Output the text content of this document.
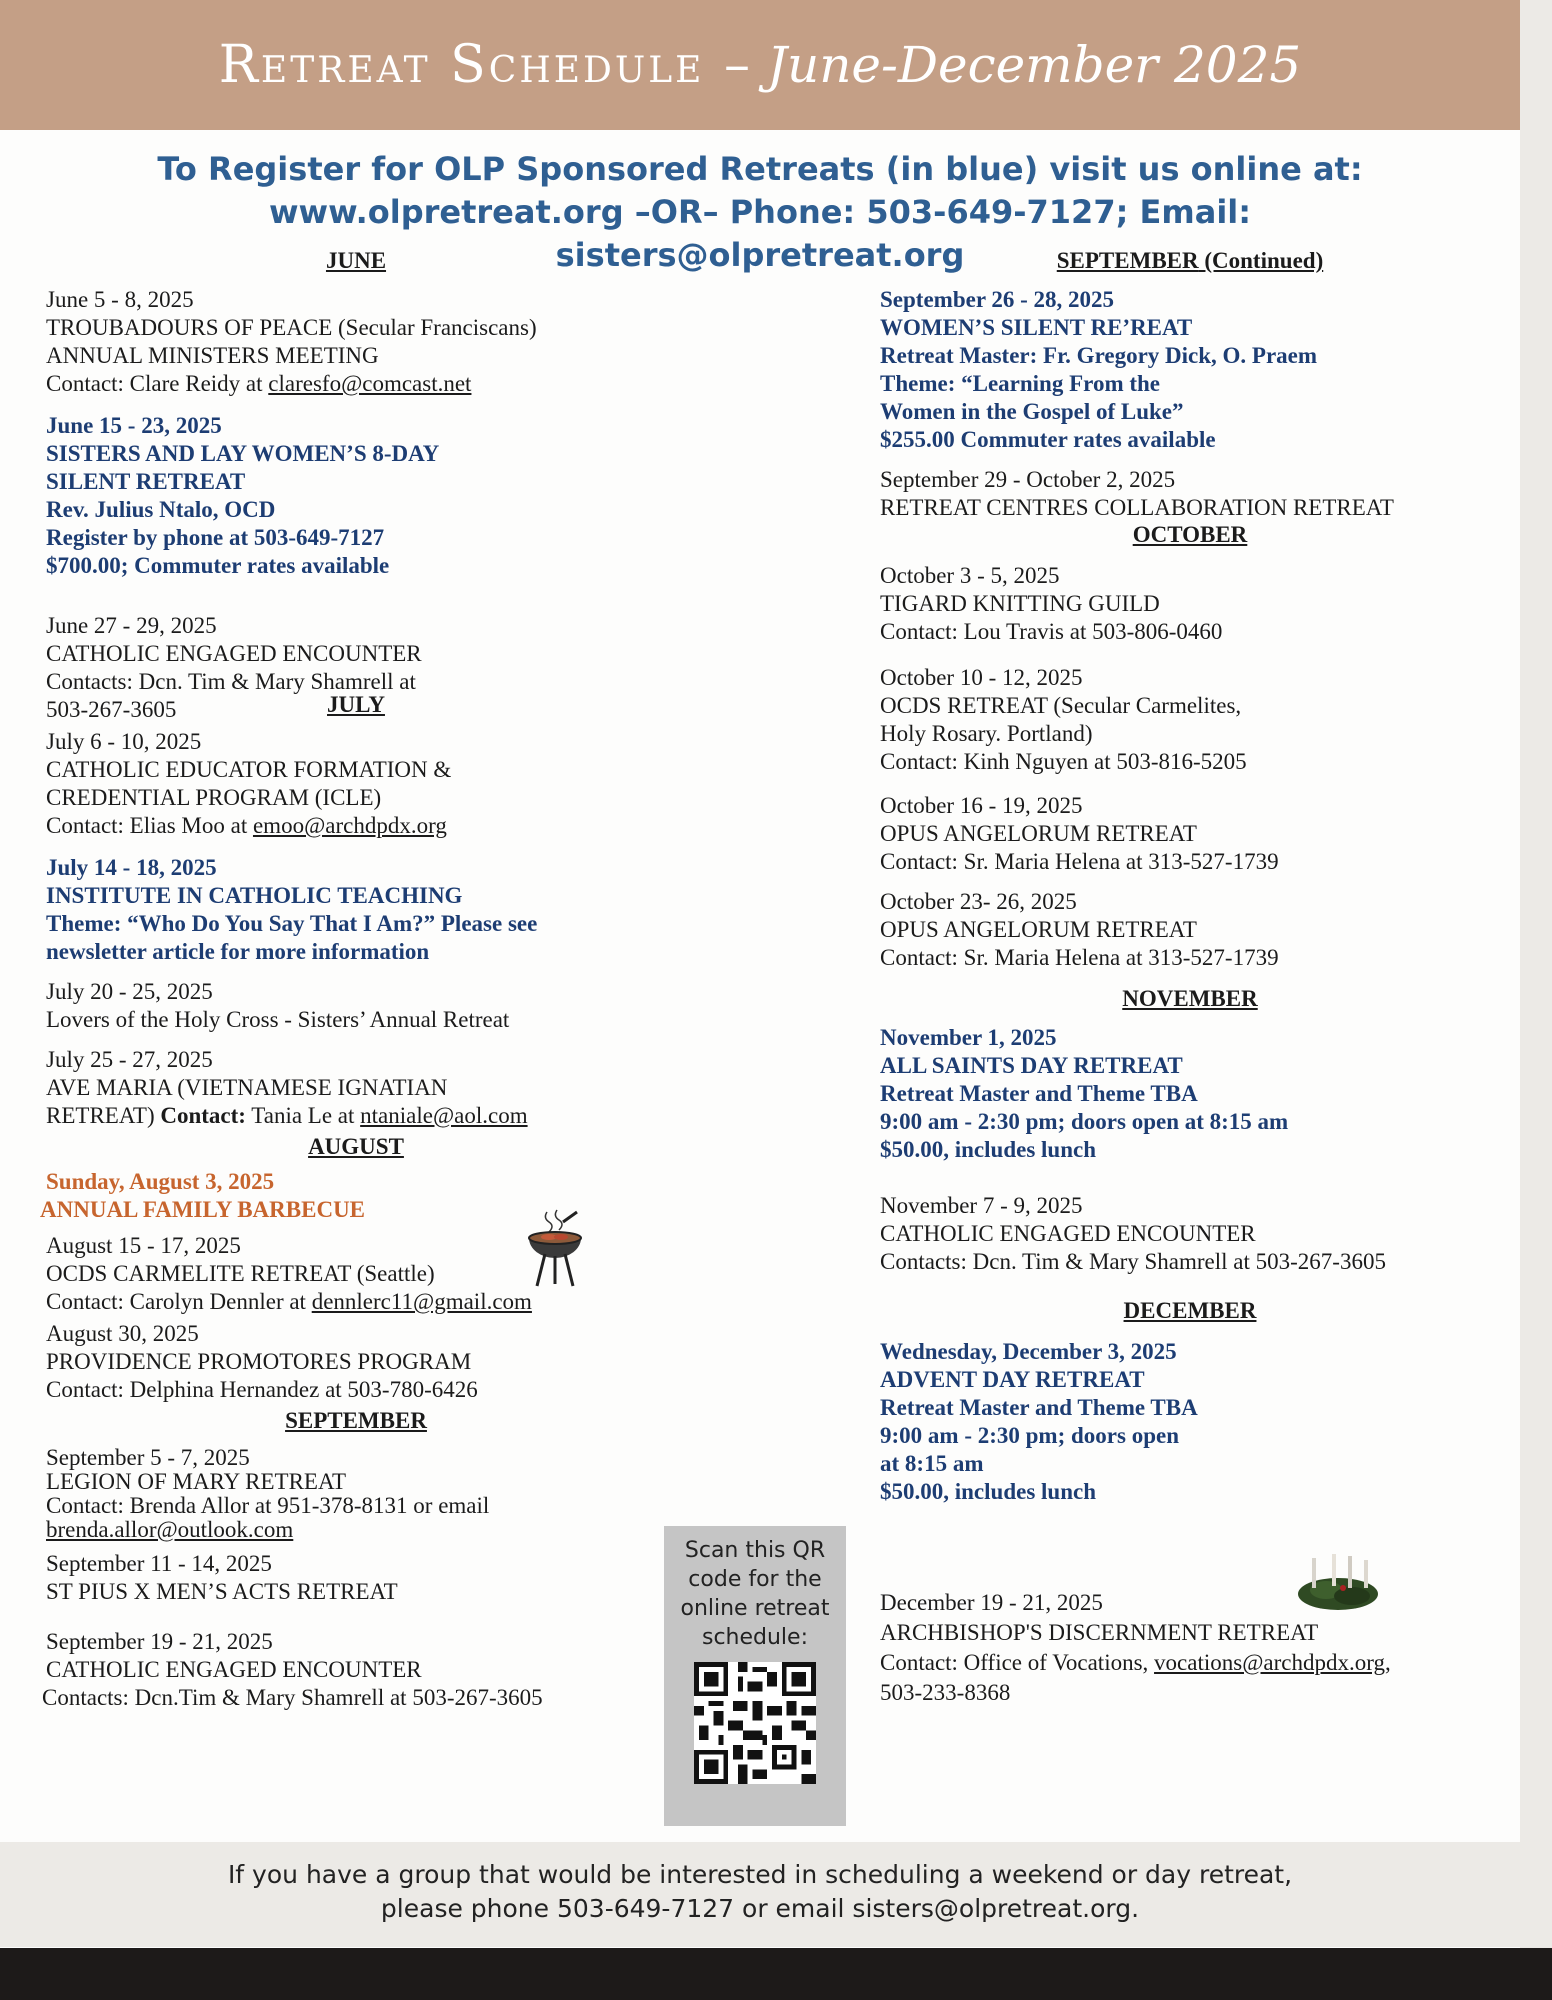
Retreat Schedule – June-December 2025
To Register for OLP Sponsored Retreats (in blue) visit us online at:
www.olpretreat.org –OR– Phone: 503-649-7127; Email: sisters@olpretreat.org
JUNE
June 5 - 8, 2025
TROUBADOURS OF PEACE (Secular Franciscans)
ANNUAL MINISTERS MEETING
Contact: Clare Reidy at claresfo@comcast.net
June 15 - 23, 2025
SISTERS AND LAY WOMEN’S 8-DAY
SILENT RETREAT
Rev. Julius Ntalo, OCD
Register by phone at 503-649-7127
$700.00; Commuter rates available
June 27 - 29, 2025
CATHOLIC ENGAGED ENCOUNTER
Contacts: Dcn. Tim & Mary Shamrell at
503-267-3605	JULY
July 6 - 10, 2025
CATHOLIC EDUCATOR FORMATION &
CREDENTIAL PROGRAM (ICLE)
Contact: Elias Moo at emoo@archdpdx.org
July 14 - 18, 2025
INSTITUTE IN CATHOLIC TEACHING
Theme: “Who Do You Say That I Am?” Please see
newsletter article for more information
July 20 - 25, 2025
Lovers of the Holy Cross - Sisters’ Annual Retreat
July 25 - 27, 2025
AVE MARIA (VIETNAMESE IGNATIAN
RETREAT) Contact: Tania Le at ntaniale@aol.com
AUGUST
Sunday, August 3, 2025
ANNUAL FAMILY BARBECUE
August 15 - 17, 2025
OCDS CARMELITE RETREAT (Seattle)
Contact: Carolyn Dennler at dennlerc11@gmail.com
August 30, 2025
PROVIDENCE PROMOTORES PROGRAM
Contact: Delphina Hernandez at 503-780-6426
SEPTEMBER
September 5 - 7, 2025
LEGION OF MARY RETREAT
Contact: Brenda Allor at 951-378-8131 or email
brenda.allor@outlook.com
September 11 - 14, 2025
ST PIUS X MEN’S ACTS RETREAT
September 19 - 21, 2025
CATHOLIC ENGAGED ENCOUNTER
Contacts: Dcn.Tim & Mary Shamrell at 503-267-3605
SEPTEMBER (Continued)
September 26 - 28, 2025
WOMEN’S SILENT RE’REAT
Retreat Master: Fr. Gregory Dick, O. Praem
Theme: “Learning From the
Women in the Gospel of Luke”
$255.00 Commuter rates available
September 29 - October 2, 2025
RETREAT CENTRES COLLABORATION RETREAT
OCTOBER
October 3 - 5, 2025
TIGARD KNITTING GUILD
Contact: Lou Travis at 503-806-0460
October 10 - 12, 2025
OCDS RETREAT (Secular Carmelites,
Holy Rosary. Portland)
Contact: Kinh Nguyen at 503-816-5205
October 16 - 19, 2025
OPUS ANGELORUM RETREAT
Contact: Sr. Maria Helena at 313-527-1739
October 23- 26, 2025
OPUS ANGELORUM RETREAT
Contact: Sr. Maria Helena at 313-527-1739
NOVEMBER
November 1, 2025
ALL SAINTS DAY RETREAT
Retreat Master and Theme TBA
9:00 am - 2:30 pm; doors open at 8:15 am
$50.00, includes lunch
November 7 - 9, 2025
CATHOLIC ENGAGED ENCOUNTER
Contacts: Dcn. Tim & Mary Shamrell at 503-267-3605
DECEMBER
Wednesday, December 3, 2025
ADVENT DAY RETREAT
Retreat Master and Theme TBA
9:00 am - 2:30 pm; doors open
at 8:15 am
$50.00, includes lunch
December 19 - 21, 2025
ARCHBISHOP'S DISCERNMENT RETREAT
Contact: Office of Vocations, vocations@archdpdx.org,
503-233-8368
Scan this QR code for the online retreat schedule:
If you have a group that would be interested in scheduling a weekend or day retreat,
please phone 503-649-7127 or email sisters@olpretreat.org.
